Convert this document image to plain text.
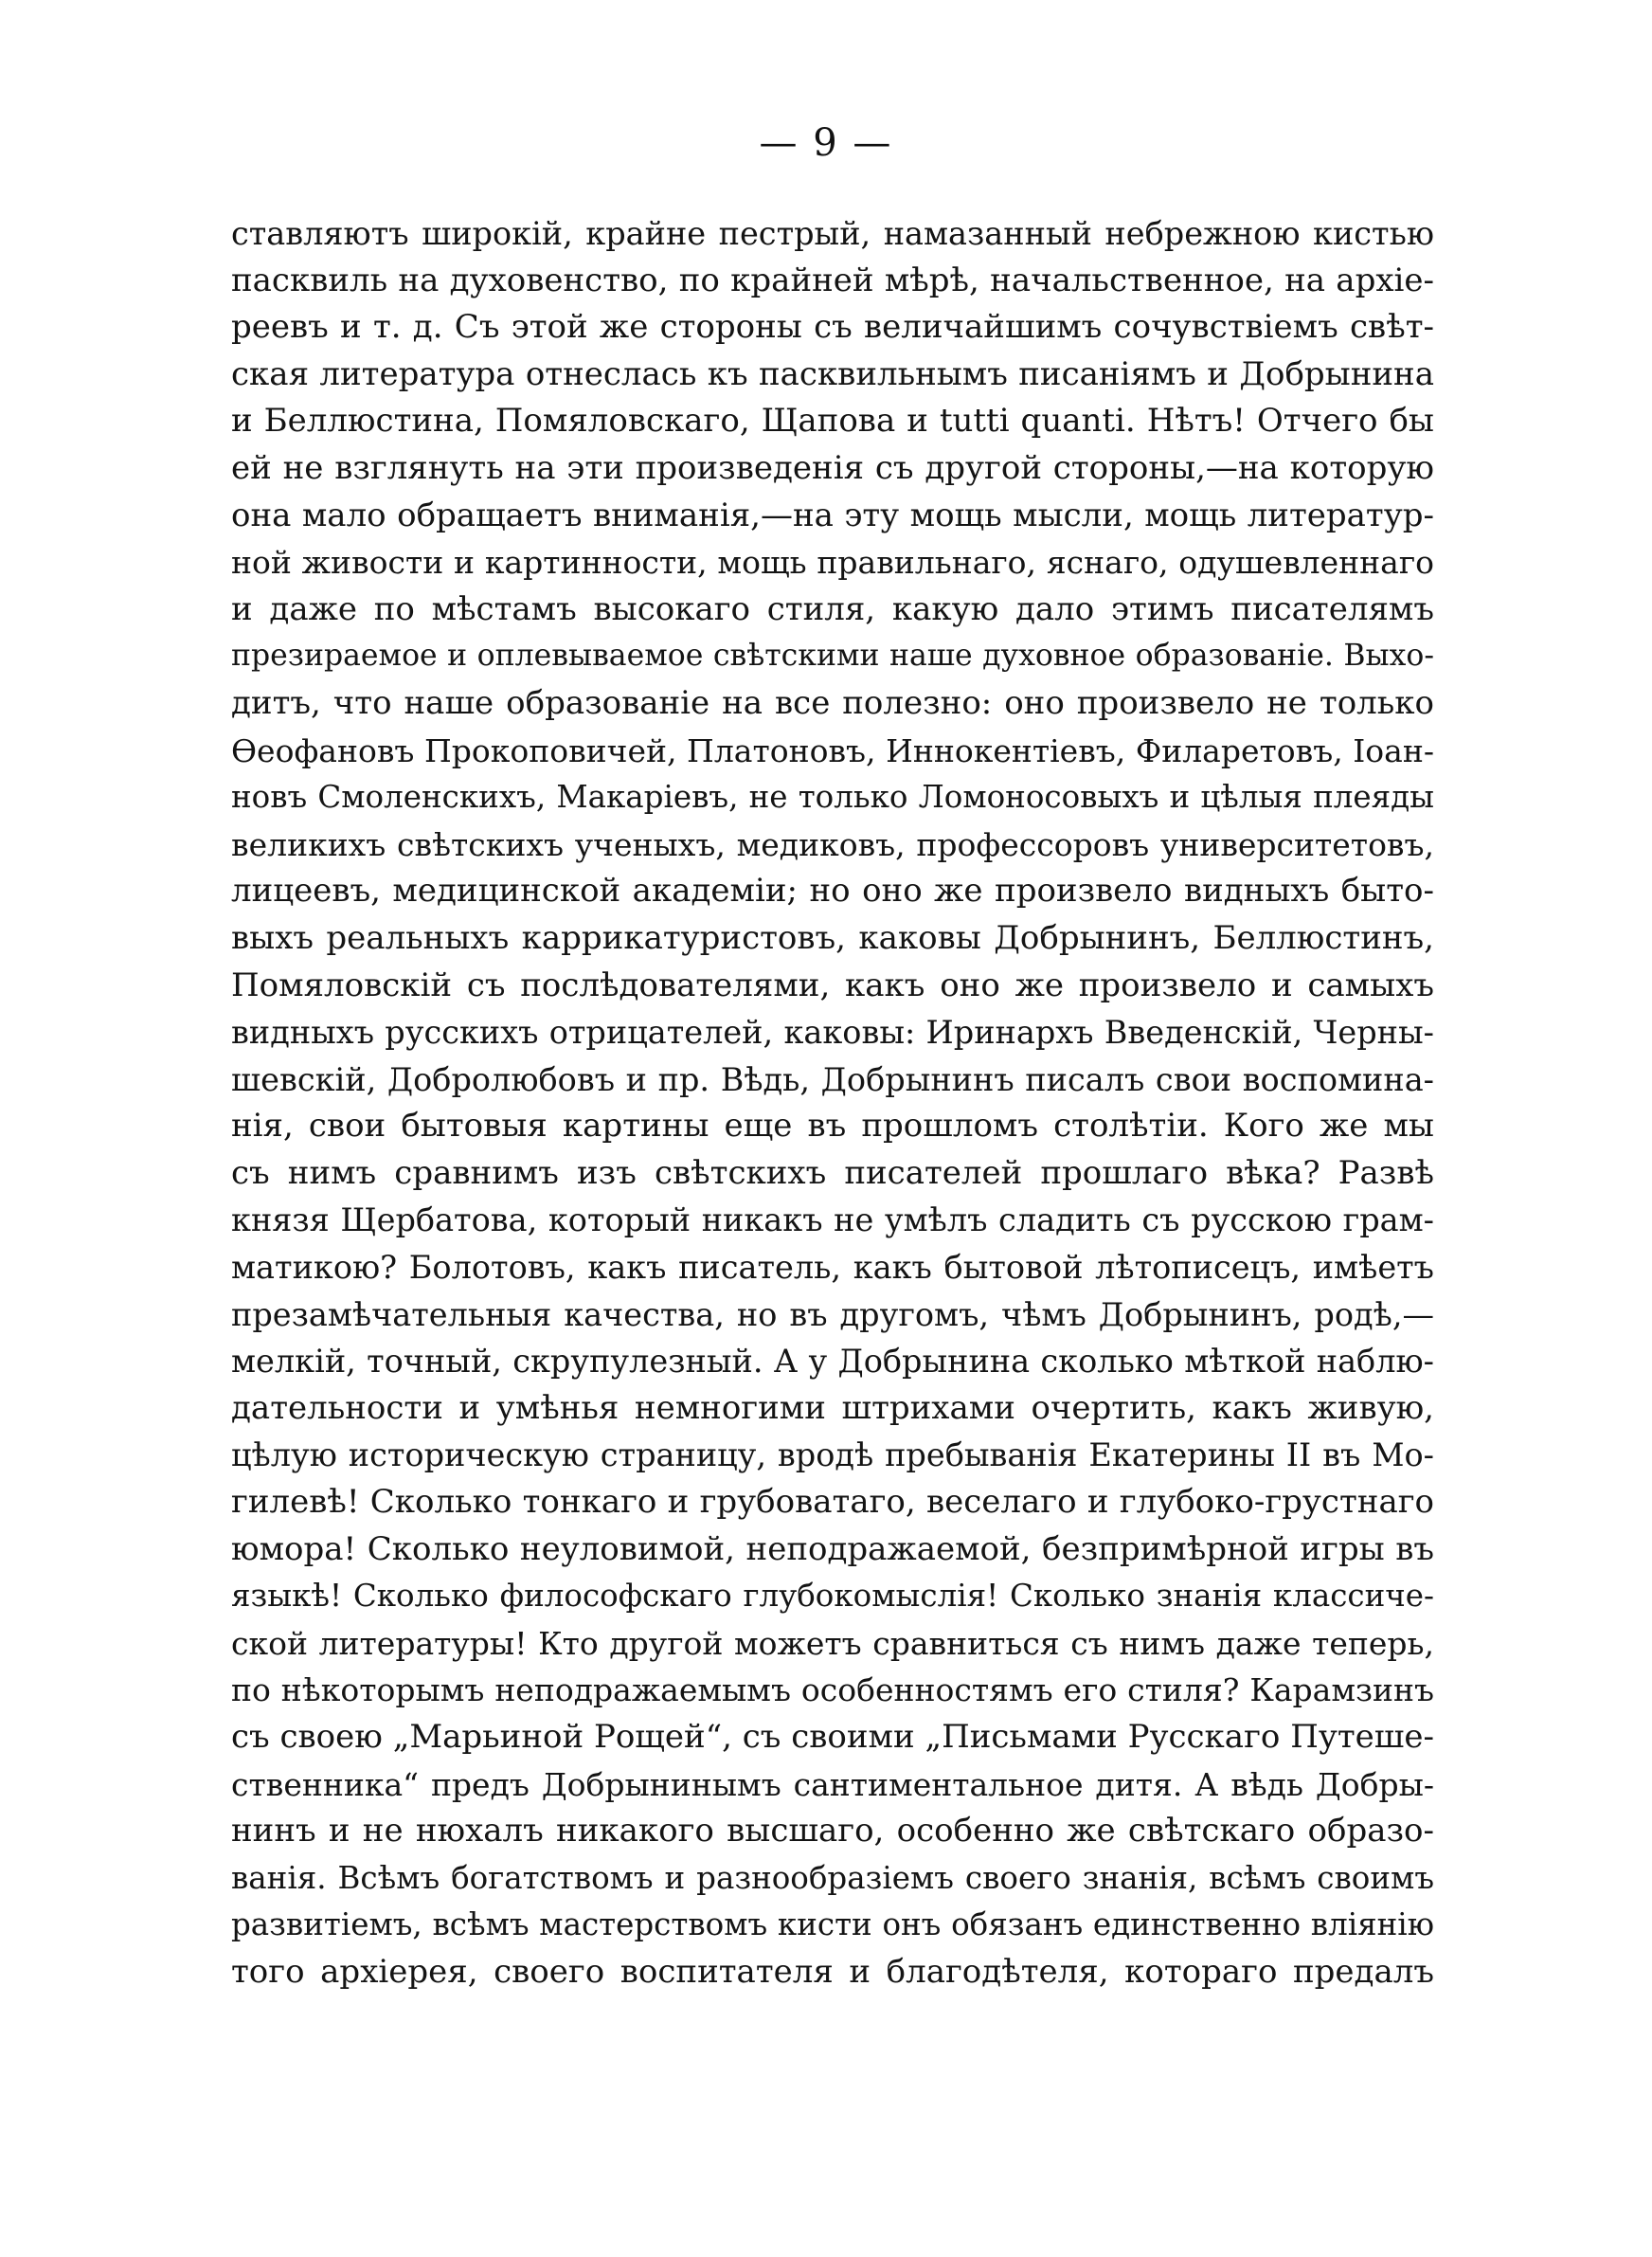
— 9 —
ставляютъ широкій, крайне пестрый, намазанный небрежною кистью
пасквиль на духовенство, по крайней мѣрѣ, начальственное, на архіе-
реевъ и т. д. Съ этой же стороны съ величайшимъ сочувствіемъ свѣт-
ская литература отнеслась къ пасквильнымъ писаніямъ и Добрынина
и Беллюстина, Помяловскаго, Щапова и tutti quanti. Нѣтъ! Отчего бы
ей не взглянуть на эти произведенія съ другой стороны,—на которую
она мало обращаетъ вниманія,—на эту мощь мысли, мощь литератур-
ной живости и картинности, мощь правильнаго, яснаго, одушевленнаго
и даже по мѣстамъ высокаго стиля, какую дало этимъ писателямъ
презираемое и оплевываемое свѣтскими наше духовное образованіе. Выхо-
дитъ, что наше образованіе на все полезно: оно произвело не только
Ѳеофановъ Прокоповичей, Платоновъ, Иннокентіевъ, Филаретовъ, Іоан-
новъ Смоленскихъ, Макаріевъ, не только Ломоносовыхъ и цѣлыя плеяды
великихъ свѣтскихъ ученыхъ, медиковъ, профессоровъ университетовъ,
лицеевъ, медицинской академіи; но оно же произвело видныхъ быто-
выхъ реальныхъ каррикатуристовъ, каковы Добрынинъ, Беллюстинъ,
Помяловскій съ послѣдователями, какъ оно же произвело и самыхъ
видныхъ русскихъ отрицателей, каковы: Иринархъ Введенскій, Черны-
шевскій, Добролюбовъ и пр. Вѣдь, Добрынинъ писалъ свои воспомина-
нія, свои бытовыя картины еще въ прошломъ столѣтіи. Кого же мы
съ нимъ сравнимъ изъ свѣтскихъ писателей прошлаго вѣка? Развѣ
князя Щербатова, который никакъ не умѣлъ сладить съ русскою грам-
матикою? Болотовъ, какъ писатель, какъ бытовой лѣтописецъ, имѣетъ
презамѣчательныя качества, но въ другомъ, чѣмъ Добрынинъ, родѣ,—
мелкій, точный, скрупулезный. А у Добрынина сколько мѣткой наблю-
дательности и умѣнья немногими штрихами очертить, какъ живую,
цѣлую историческую страницу, вродѣ пребыванія Екатерины II въ Мо-
гилевѣ! Сколько тонкаго и грубоватаго, веселаго и глубоко-грустнаго
юмора! Сколько неуловимой, неподражаемой, безпримѣрной игры въ
языкѣ! Сколько философскаго глубокомыслія! Сколько знанія классиче-
ской литературы! Кто другой можетъ сравниться съ нимъ даже теперь,
по нѣкоторымъ неподражаемымъ особенностямъ его стиля? Карамзинъ
съ своею „Марьиной Рощей“, съ своими „Письмами Русскаго Путеше-
ственника“ предъ Добрынинымъ сантиментальное дитя. А вѣдь Добры-
нинъ и не нюхалъ никакого высшаго, особенно же свѣтскаго образо-
ванія. Всѣмъ богатствомъ и разнообразіемъ своего знанія, всѣмъ своимъ
развитіемъ, всѣмъ мастерствомъ кисти онъ обязанъ единственно вліянію
того архіерея, своего воспитателя и благодѣтеля, котораго предалъ
